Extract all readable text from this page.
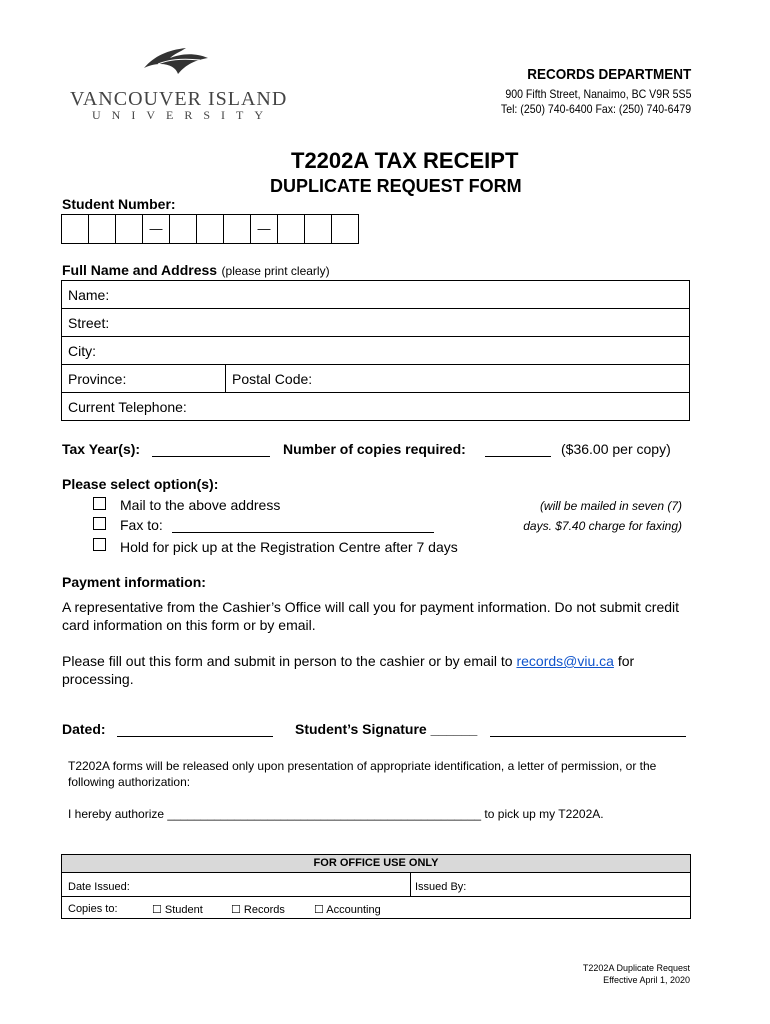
VANCOUVER ISLAND
UNIVERSITY
RECORDS DEPARTMENT
900 Fifth Street, Nanaimo, BC V9R 5S5
Tel: (250) 740-6400 Fax: (250) 740-6479
T2202A TAX RECEIPT
DUPLICATE REQUEST FORM
Student Number:
—	—
Full Name and Address (please print clearly)
Name:
Street:
City:
Province:	Postal Code:
Current Telephone:
Tax Year(s):	Number of copies required:	($36.00 per copy)
Please select option(s):
Mail to the above address
Fax to:
Hold for pick up at the Registration Centre after 7 days
(will be mailed in seven (7)
days. $7.40 charge for faxing)
Payment information:
A representative from the Cashier’s Office will call you for payment information. Do not submit credit card information on this form or by email.
Please fill out this form and submit in person to the cashier or by email to records@viu.ca for processing.
Dated:	Student’s Signature ______
T2202A forms will be released only upon presentation of appropriate identification, a letter of permission, or the following authorization:
I hereby authorize _______________________________________________ to pick up my T2202A.
FOR OFFICE USE ONLY
Date Issued:	Issued By:
Copies to:	☐ Student	☐ Records	☐ Accounting
T2202A Duplicate Request
Effective April 1, 2020
